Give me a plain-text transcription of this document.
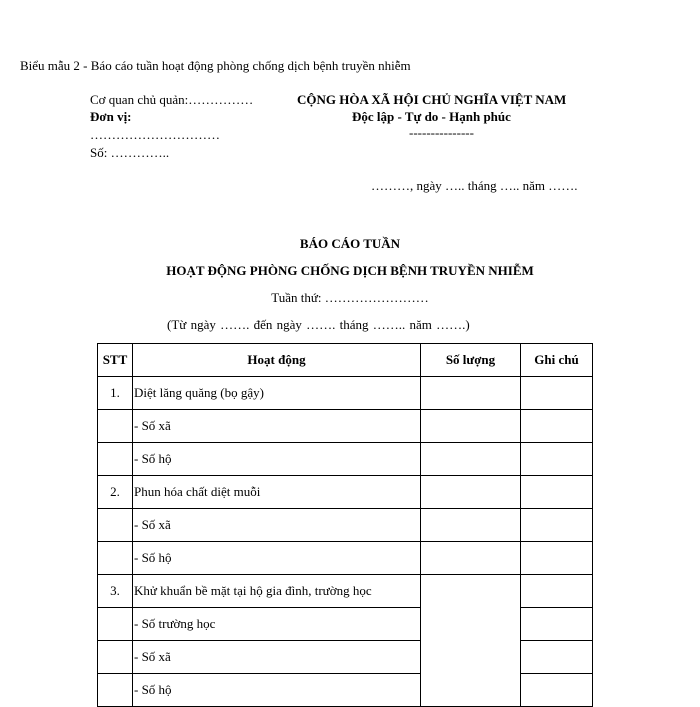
Biểu mẫu 2 - Báo cáo tuần hoạt động phòng chống dịch bệnh truyền nhiễm
Cơ quan chủ quản:……………
Đơn vị:
…………………………
Số: …………..
CỘNG HÒA XÃ HỘI CHỦ NGHĨA VIỆT NAM
Độc lập - Tự do - Hạnh phúc
---------------
………, ngày ….. tháng ….. năm …….
BÁO CÁO TUẦN
HOẠT ĐỘNG PHÒNG CHỐNG DỊCH BỆNH TRUYỀN NHIỄM
Tuần thứ: ……………………
(Từ ngày ……. đến ngày ……. tháng …….. năm …….)
STT	Hoạt động	Số lượng	Ghi chú
1.	Diệt lăng quăng (bọ gậy)		
	- Số xã		
	- Số hộ		
2.	Phun hóa chất diệt muỗi		
	- Số xã		
	- Số hộ		
3.	Khử khuẩn bề mặt tại hộ gia đình, trường học		
	- Số trường học		
	- Số xã		
	- Số hộ		
